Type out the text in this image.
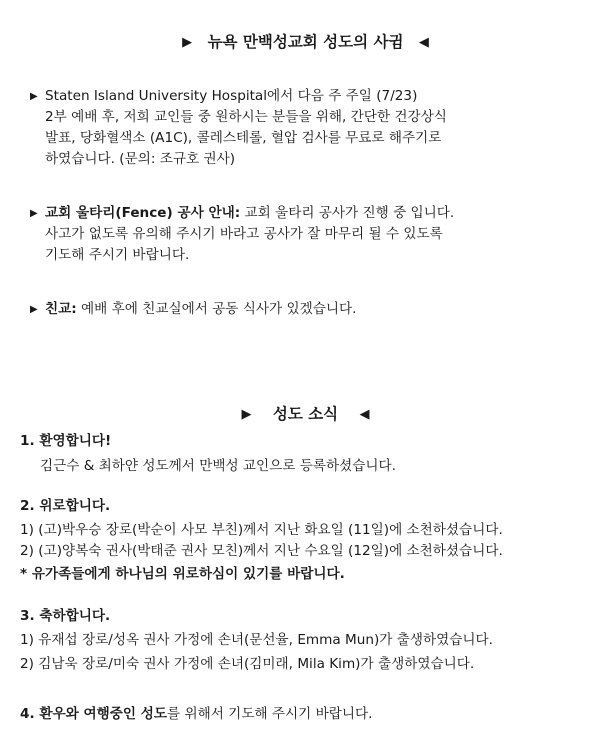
▶ 뉴욕 만백성교회 성도의 사귐 ◀
▶ Staten Island University Hospital에서 다음 주 주일 (7/23)
2부 예배 후, 저희 교인들 중 원하시는 분들을 위해, 간단한 건강상식
발표, 당화혈색소 (A1C), 콜레스테롤, 혈압 검사를 무료로 해주기로
하였습니다. (문의: 조규호 권사)
▶ 교회 울타리(Fence) 공사 안내: 교회 울타리 공사가 진행 중 입니다.
사고가 없도록 유의해 주시기 바라고 공사가 잘 마무리 될 수 있도록
기도해 주시기 바랍니다.
▶ 친교: 예배 후에 친교실에서 공동 식사가 있겠습니다.
▶ 성도 소식 ◀
1. 환영합니다!
김근수 & 최하얀 성도께서 만백성 교인으로 등록하셨습니다.
2. 위로합니다.
1) (고)박우승 장로(박순이 사모 부친)께서 지난 화요일 (11일)에 소천하셨습니다.
2) (고)양복숙 권사(박태준 권사 모친)께서 지난 수요일 (12일)에 소천하셨습니다.
* 유가족들에게 하나님의 위로하심이 있기를 바랍니다.
3. 축하합니다.
1) 유재섭 장로/성옥 권사 가정에 손녀(문선율, Emma Mun)가 출생하였습니다.
2) 김남욱 장로/미숙 권사 가정에 손녀(김미래, Mila Kim)가 출생하였습니다.
4. 환우와 여행중인 성도를 위해서 기도해 주시기 바랍니다.
